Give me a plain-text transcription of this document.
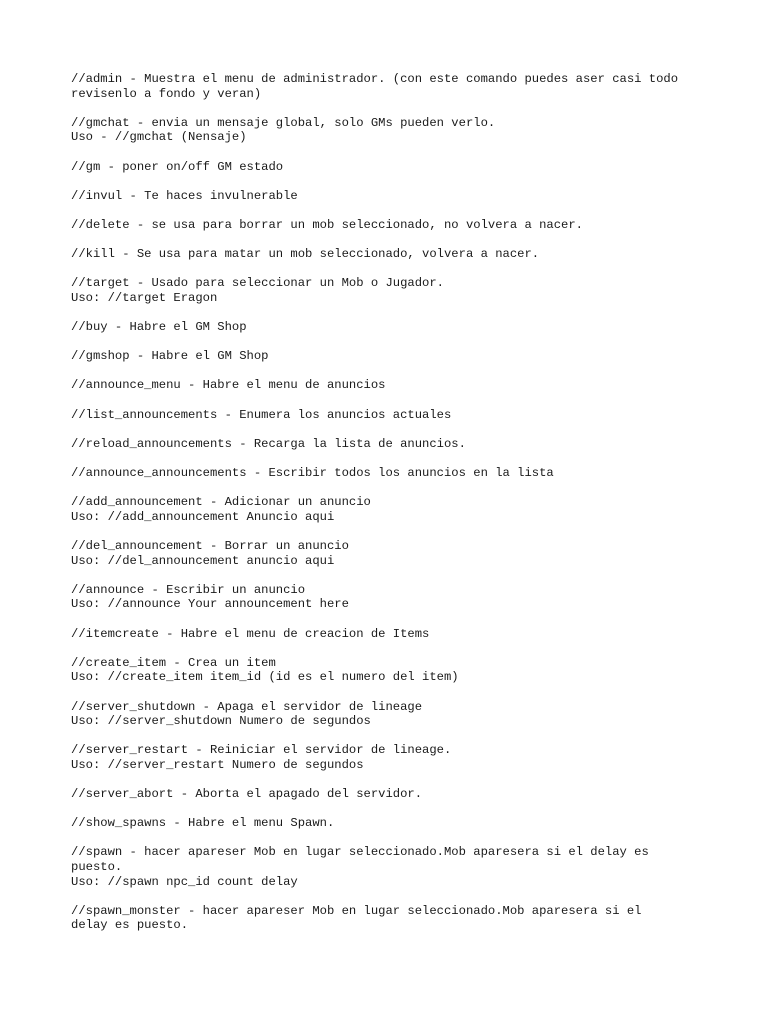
//admin - Muestra el menu de administrador. (con este comando puedes aser casi todo
revisenlo a fondo y veran)
//gmchat - envia un mensaje global, solo GMs pueden verlo.
Uso - //gmchat (Nensaje)
//gm - poner on/off GM estado
//invul - Te haces invulnerable
//delete - se usa para borrar un mob seleccionado, no volvera a nacer.
//kill - Se usa para matar un mob seleccionado, volvera a nacer.
//target - Usado para seleccionar un Mob o Jugador.
Uso: //target Eragon
//buy - Habre el GM Shop
//gmshop - Habre el GM Shop
//announce_menu - Habre el menu de anuncios
//list_announcements - Enumera los anuncios actuales
//reload_announcements - Recarga la lista de anuncios.
//announce_announcements - Escribir todos los anuncios en la lista
//add_announcement - Adicionar un anuncio
Uso: //add_announcement Anuncio aqui
//del_announcement - Borrar un anuncio
Uso: //del_announcement anuncio aqui
//announce - Escribir un anuncio
Uso: //announce Your announcement here
//itemcreate - Habre el menu de creacion de Items
//create_item - Crea un item
Uso: //create_item item_id (id es el numero del item)
//server_shutdown - Apaga el servidor de lineage
Uso: //server_shutdown Numero de segundos
//server_restart - Reiniciar el servidor de lineage.
Uso: //server_restart Numero de segundos
//server_abort - Aborta el apagado del servidor.
//show_spawns - Habre el menu Spawn.
//spawn - hacer apareser Mob en lugar seleccionado.Mob aparesera si el delay es
puesto.
Uso: //spawn npc_id count delay
//spawn_monster - hacer apareser Mob en lugar seleccionado.Mob aparesera si el
delay es puesto.
